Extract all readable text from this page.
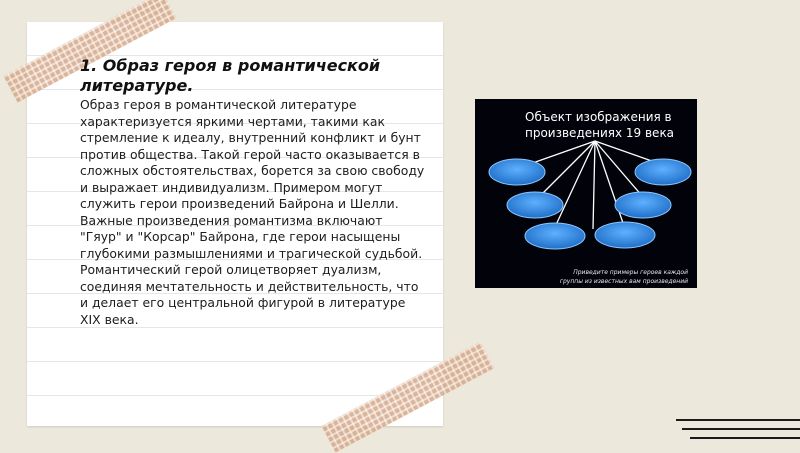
1. Образ героя в романтической литературе.

Образ героя в романтической литературе характеризуется яркими чертами, такими как стремление к идеалу, внутренний конфликт и бунт против общества. Такой герой часто оказывается в сложных обстоятельствах, борется за свою свободу и выражает индивидуализм. Примером могут служить герои произведений Байрона и Шелли. Важные произведения романтизма включают "Гяур" и "Корсар" Байрона, где герои насыщены глубокими размышлениями и трагической судьбой. Романтический герой олицетворяет дуализм, соединяя мечтательность и действительность, что и делает его центральной фигурой в литературе XIX века.

Объект изображения в
произведениях 19 века
Приведите примеры героев каждой
группы из известных вам произведений
